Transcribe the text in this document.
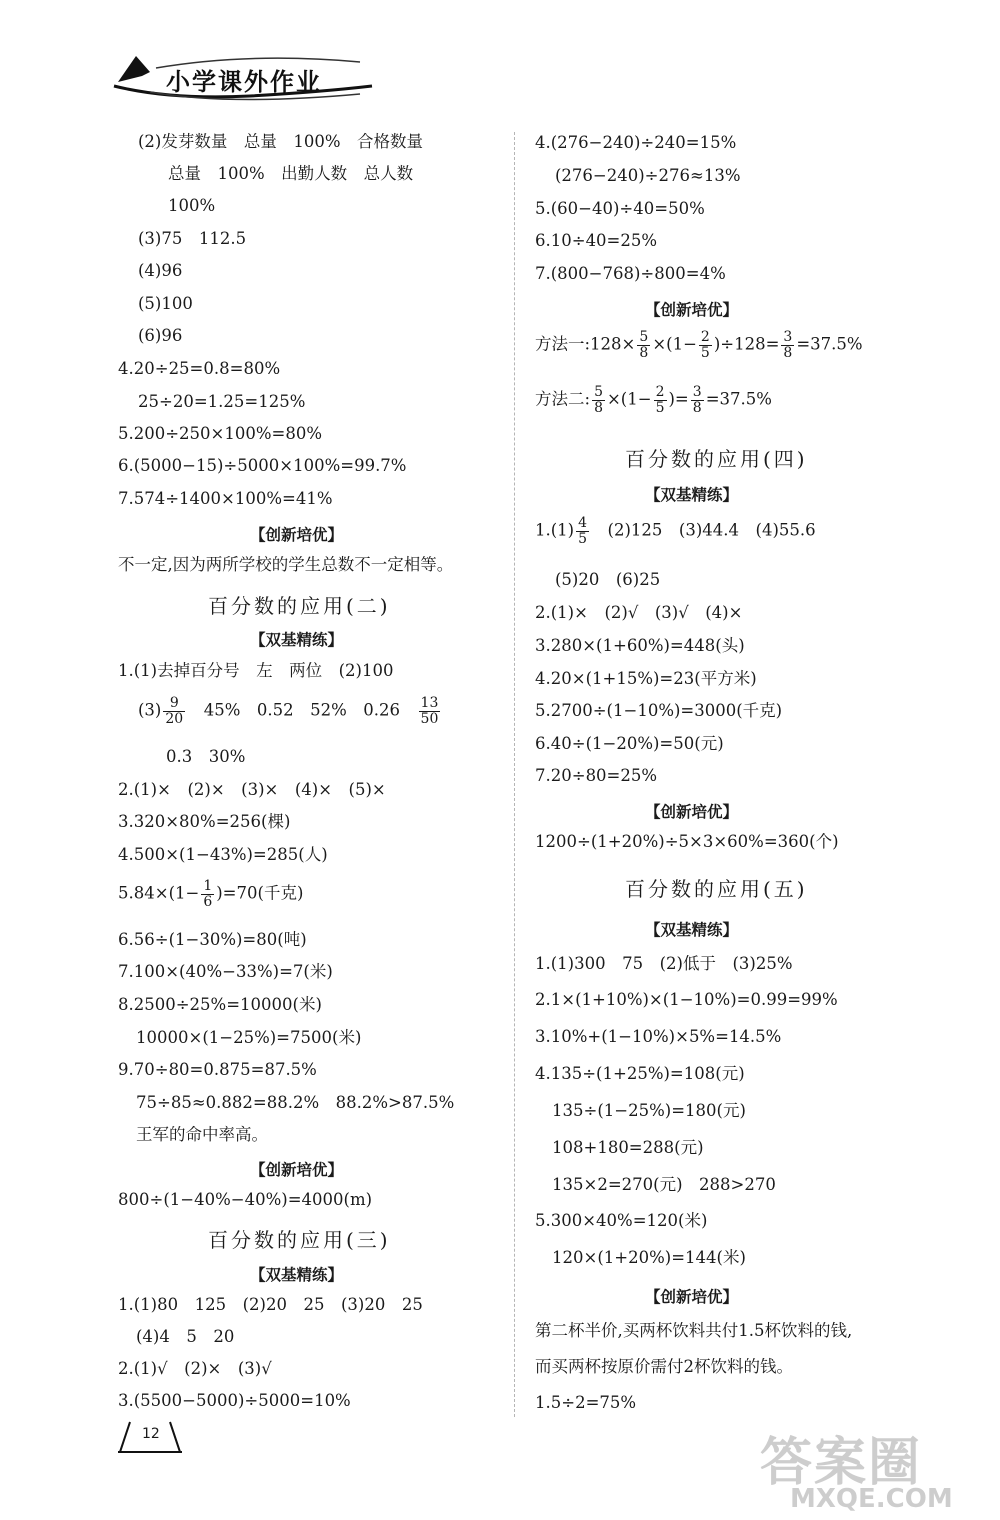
小学课外作业
(2)发芽数量　总量　100%　合格数量
总量　100%　出勤人数　总人数
100%
(3)75　112.5
(4)96
(5)100
(6)96
4.20÷25=0.8=80%
25÷20=1.25=125%
5.200÷250×100%=80%
6.(5000−15)÷5000×100%=99.7%
7.574÷1400×100%=41%
【创新培优】
不一定,因为两所学校的学生总数不一定相等。
百分数的应用(二)
【双基精练】
1.(1)去掉百分号　左　两位　(2)100
$(3) \frac{9}{20}$ 　45%　0.52　52%　0.26　 $\frac{13}{50}$
0.3　30%
2.(1)×　(2)×　(3)×　(4)×　(5)×
3.320×80%=256(棵)
4.500×(1−43%)=285(人)
$5.84\times(1- \frac{1}{6} )=70$(千克)
6.56÷(1−30%)=80(吨)
7.100×(40%−33%)=7(米)
8.2500÷25%=10000(米)
10000×(1−25%)=7500(米)
9.70÷80=0.875=87.5%
75÷85≈0.882=88.2%　88.2%>87.5%
王军的命中率高。
【创新培优】
800÷(1−40%−40%)=4000(m)
百分数的应用(三)
【双基精练】
1.(1)80　125　(2)20　25　(3)20　25
(4)4　5　20
2.(1)√　(2)×　(3)√
3.(5500−5000)÷5000=10%
4.(276−240)÷240=15%
(276−240)÷276≈13%
5.(60−40)÷40=50%
6.10÷40=25%
7.(800−768)÷800=4%
【创新培优】
方法一:128× $\frac{5}{8} \times(1- \frac{2}{5} )\div 128= \frac{3}{8} =37.5\%$
方法二: $\frac{5}{8} \times(1- \frac{2}{5}$ )= $\frac{3}{8} =37.5\%$
百分数的应用(四)
【双基精练】
$1.(1) \frac{4}{5}$ 　(2)125　(3)44.4　(4)55.6
(5)20　(6)25
2.(1)×　(2)√　(3)√　(4)×
3.280×(1+60%)=448(头)
4.20×(1+15%)=23(平方米)
5.2700÷(1−10%)=3000(千克)
6.40÷(1−20%)=50(元)
7.20÷80=25%
【创新培优】
1200÷(1+20%)÷5×3×60%=360(个)
百分数的应用(五)
【双基精练】
1.(1)300　75　(2)低于　(3)25%
2.1×(1+10%)×(1−10%)=0.99=99%
3.10%+(1−10%)×5%=14.5%
4.135÷(1+25%)=108(元)
135÷(1−25%)=180(元)
108+180=288(元)
135×2=270(元)　288>270
5.300×40%=120(米)
120×(1+20%)=144(米)
【创新培优】
第二杯半价,买两杯饮料共付1.5杯饮料的钱,
而买两杯按原价需付2杯饮料的钱。
1.5÷2=75%
12	答案圈
MXQE.COM
